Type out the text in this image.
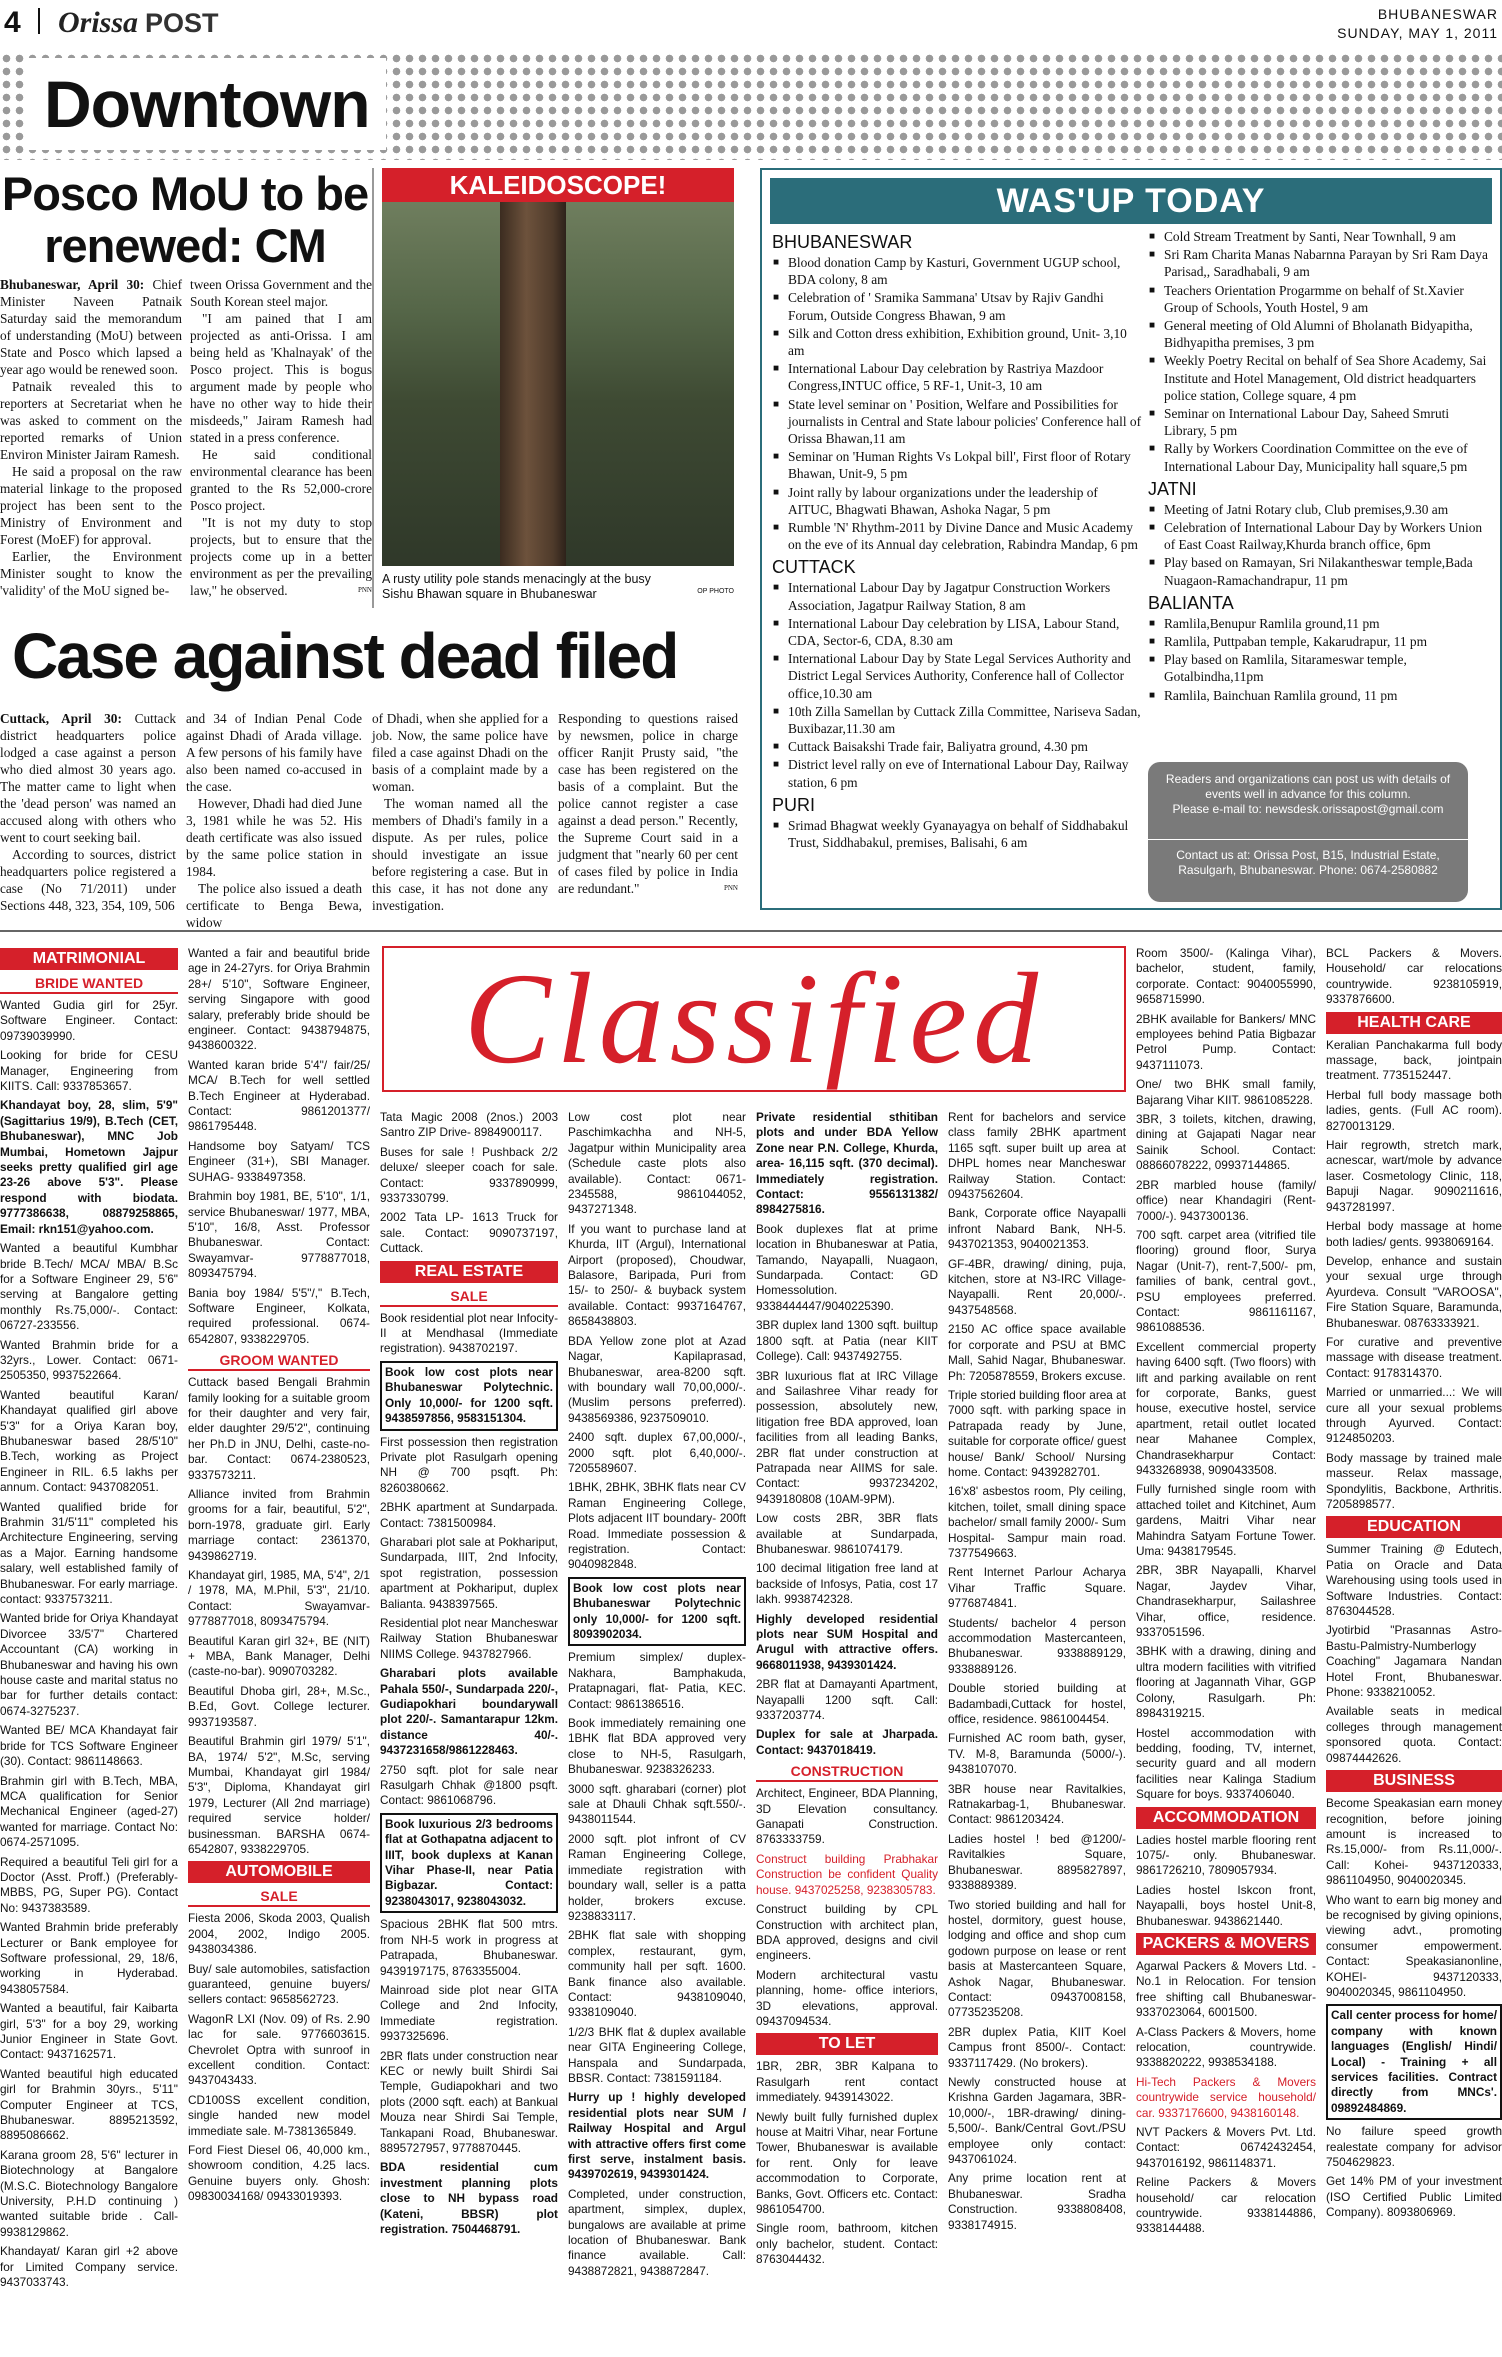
4 Orissa POST	BHUBANESWAR
SUNDAY, MAY 1, 2011
Downtown
Posco MoU to be renewed: CM

Bhubaneswar, April 30: Chief Minister Naveen Patnaik Saturday said the memorandum of understanding (MoU) between State and Posco which lapsed a year ago would be renewed soon.

Patnaik revealed this to reporters at Secretariat when he was asked to comment on the reported remarks of Union Environ Minister Jairam Ramesh.

He said a proposal on the raw material linkage to the proposed project has been sent to the Ministry of Environment and Forest (MoEF) for approval.

Earlier, the Environment Minister sought to know the 'validity' of the MoU signed be-

tween Orissa Government and the South Korean steel major.

"I am pained that I am projected as anti-Orissa. I am being held as 'Khalnayak' of the Posco project. This is bogus argument made by people who have no other way to hide their misdeeds," Jairam Ramesh had stated in a press conference.

He said conditional environmental clearance has been granted to the Rs 52,000-crore Posco project.

"It is not my duty to stop projects, but to ensure that the projects come up in a better environment as per the prevailing law," he observed.	PNN

KALEIDOSCOPE!
A rusty utility pole stands menacingly at the busy Sishu Bhawan square in Bhubaneswar	OP PHOTO
WAS'UP TODAY
BHUBANESWAR
■ Blood donation Camp by Kasturi, Government UGUP school, BDA colony, 8 am
■ Celebration of ' Sramika Sammana' Utsav by Rajiv Gandhi Forum, Outside Congress Bhawan, 9 am
■ Silk and Cotton dress exhibition, Exhibition ground, Unit- 3,10 am
■ International Labour Day celebration by Rastriya Mazdoor Congress,INTUC office, 5 RF-1, Unit-3, 10 am
■ State level seminar on ' Position, Welfare and Possibilities for journalists in Central and State labour policies' Conference hall of Orissa Bhawan,11 am
■ Seminar on 'Human Rights Vs Lokpal bill', First floor of Rotary Bhawan, Unit-9, 5 pm
■ Joint rally by labour organizations under the leadership of AITUC, Bhagwati Bhawan, Ashoka Nagar, 5 pm
■ Rumble 'N' Rhythm-2011 by Divine Dance and Music Academy on the eve of its Annual day celebration, Rabindra Mandap, 6 pm
CUTTACK
■ International Labour Day by Jagatpur Construction Workers Association, Jagatpur Railway Station, 8 am
■ International Labour Day celebration by LISA, Labour Stand, CDA, Sector-6, CDA, 8.30 am
■ International Labour Day by State Legal Services Authority and District Legal Services Authority, Conference hall of Collector office,10.30 am
■ 10th Zilla Samellan by Cuttack Zilla Committee, Nariseva Sadan, Buxibazar,11.30 am
■ Cuttack Baisakshi Trade fair, Baliyatra ground, 4.30 pm
■ District level rally on eve of International Labour Day, Railway station, 6 pm
PURI
■ Srimad Bhagwat weekly Gyanayagya on behalf of Siddhabakul Trust, Siddhabakul, premises, Balisahi, 6 am
■ Cold Stream Treatment by Santi, Near Townhall, 9 am
■ Sri Ram Charita Manas Nabarnna Parayan by Sri Ram Daya Parisad,, Saradhabali, 9 am
■ Teachers Orientation Progarmme on behalf of St.Xavier Group of Schools, Youth Hostel, 9 am
■ General meeting of Old Alumni of Bholanath Bidyapitha, Bidhyapitha premises, 3 pm
■ Weekly Poetry Recital on behalf of Sea Shore Academy, Sai Institute and Hotel Management, Old district headquarters police station, College square, 4 pm
■ Seminar on International Labour Day, Saheed Smruti Library, 5 pm
■ Rally by Workers Coordination Committee on the eve of International Labour Day, Municipality hall square,5 pm
JATNI
■ Meeting of Jatni Rotary club, Club premises,9.30 am
■ Celebration of International Labour Day by Workers Union of East Coast Railway,Khurda branch office, 6pm
■ Play based on Ramayan, Sri Nilakantheswar temple,Bada Nuagaon-Ramachandrapur, 11 pm
BALIANTA
■ Ramlila,Benupur Ramlila ground,11 pm
■ Ramlila, Puttpaban temple, Kakarudrapur, 11 pm
■ Play based on Ramlila, Sitarameswar temple, Gotalbindha,11pm
■ Ramlila, Bainchuan Ramlila ground, 11 pm
Readers and organizations can post us with details of events well in advance for this column.
Please e-mail to: newsdesk.orissapost@gmail.com
Contact us at: Orissa Post, B15, Industrial Estate, Rasulgarh, Bhubaneswar. Phone: 0674-2580882
Case against dead filed

Cuttack, April 30: Cuttack district headquarters police lodged a case against a person who died almost 30 years ago. The matter came to light when the 'dead person' was named an accused along with others who went to court seeking bail.

According to sources, district headquarters police registered a case (No 71/2011) under Sections 448, 323, 354, 109, 506

and 34 of Indian Penal Code against Dhadi of Arada village. A few persons of his family have also been named co-accused in the case.

However, Dhadi had died June 3, 1981 while he was 52. His death certificate was also issued by the same police station in 1984.

The police also issued a death certificate to Benga Bewa, widow

of Dhadi, when she applied for a job. Now, the same police have filed a case against Dhadi on the basis of a complaint made by a woman.

The woman named all the members of Dhadi's family in a dispute. As per rules, police should investigate an issue before registering a case. But in this case, it has not done any investigation.

Responding to questions raised by newsmen, police in charge officer Ranjit Prusty said, "the case has been registered on the basis of a complaint. But the police cannot register a case against a dead person." Recently, the Supreme Court said in a judgment that "nearly 60 per cent of cases filed by police in India are redundant."	PNN

Classified
MATRIMONIAL
BRIDE WANTED

Wanted Gudia girl for 25yr. Software Engineer. Contact: 09739039990.

Looking for bride for CESU Manager, Engineering from KIITS. Call: 9337853657.

Khandayat boy, 28, slim, 5'9" (Sagittarius 19/9), B.Tech (CET, Bhubaneswar), MNC Job Mumbai, Hometown Jajpur seeks pretty qualified girl age 23-26 above 5'3". Please respond with biodata. 9777386638, 08879258865, Email: rkn151@yahoo.com.

Wanted a beautiful Kumbhar bride B.Tech/ MCA/ MBA/ B.Sc for a Software Engineer 29, 5'6" serving at Bangalore getting monthly Rs.75,000/-. Contact: 06727-233556.

Wanted Brahmin bride for a 32yrs., Lower. Contact: 0671-2505350, 9937522664.

Wanted beautiful Karan/ Khandayat qualified girl above 5'3" for a Oriya Karan boy, Bhubaneswar based 28/5'10" B.Tech, working as Project Engineer in RIL. 6.5 lakhs per annum. Contact: 9437082051.

Wanted qualified bride for Brahmin 31/5'11" completed his Architecture Engineering, serving as a Major. Earning handsome salary, well established family of Bhubaneswar. For early marriage. contact: 9337573211.

Wanted bride for Oriya Khandayat Divorcee 33/5'7" Chartered Accountant (CA) working in Bhubaneswar and having his own house caste and marital status no bar for further details contact: 0674-3275237.

Wanted BE/ MCA Khandayat fair bride for TCS Software Engineer (30). Contact: 9861148663.

Brahmin girl with B.Tech, MBA, MCA qualification for Senior Mechanical Engineer (aged-27) wanted for marriage. Contact No: 0674-2571095.

Required a beautiful Teli girl for a Doctor (Asst. Proff.) (Preferably- MBBS, PG, Super PG). Contact No: 9437383589.

Wanted Brahmin bride preferably Lecturer or Bank employee for Software professional, 29, 18/6, working in Hyderabad. 9438057584.

Wanted a beautiful, fair Kaibarta girl, 5'3" for a boy 29, working Junior Engineer in State Govt. Contact: 9437162571.

Wanted beautiful high educated girl for Brahmin 30yrs., 5'11" Computer Engineer at TCS, Bhubaneswar. 8895213592, 8895086662.

Karana groom 28, 5'6" lecturer in Biotechnology at Bangalore (M.S.C. Biotechnology Bangalore University, P.H.D continuing ) wanted suitable bride . Call-9938129862.

Khandayat/ Karan girl +2 above for Limited Company service. 9437033743.

Wanted a fair and beautiful bride age in 24-27yrs. for Oriya Brahmin 28+/ 5'10", Software Engineer, serving Singapore with good salary, preferably bride should be engineer. Contact: 9438794875, 9438600322.

Wanted karan bride 5'4"/ fair/25/ MCA/ B.Tech for well settled B.Tech Engineer at Hyderabad. Contact: 9861201377/ 9861795448.

Handsome boy Satyam/ TCS Engineer (31+), SBI Manager. SUHAG- 9338497358.

Brahmin boy 1981, BE, 5'10", 1/1, service Bhubaneswar/ 1977, MBA, 5'10", 16/8, Asst. Professor Bhubaneswar. Contact: Swayamvar- 9778877018, 8093475794.

Bania boy 1984/ 5'5"/," B.Tech, Software Engineer, Kolkata, required professional. 0674-6542807, 9338229705.

GROOM WANTED

Cuttack based Bengali Brahmin family looking for a suitable groom for their daughter and very fair, elder daughter 29/5'2", continuing her Ph.D in JNU, Delhi, caste-no-bar. Contact: 0674-2380523, 9337573211.

Alliance invited from Brahmin grooms for a fair, beautiful, 5'2", born-1978, graduate girl. Early marriage contact: 2361370, 9439862719.

Khandayat girl, 1985, MA, 5'4", 2/1 / 1978, MA, M.Phil, 5'3", 21/10. Contact: Swayamvar- 9778877018, 8093475794.

Beautiful Karan girl 32+, BE (NIT) + MBA, Bank Manager, Delhi (caste-no-bar). 9090703282.

Beautiful Dhoba girl, 28+, M.Sc., B.Ed, Govt. College lecturer. 9937193587.

Beautiful Brahmin girl 1979/ 5'1", BA, 1974/ 5'2", M.Sc, serving Mumbai, Khandayat girl 1984/ 5'3", Diploma, Khandayat girl 1979, Lecturer (All 2nd marriage) required service holder/ businessman. BARSHA 0674-6542807, 9338229705.

AUTOMOBILE
SALE

Fiesta 2006, Skoda 2003, Qualish 2004, 2002, Indigo 2005. 9438034386.

Buy/ sale automobiles, satisfaction guaranteed, genuine buyers/ sellers contact: 9658562723.

WagonR LXI (Nov. 09) of Rs. 2.90 lac for sale. 9776603615. Chevrolet Optra with sunroof in excellent condition. Contact: 9437043433.

CD100SS excellent condition, single handed new model immediate sale. M-7381365849.

Ford Fiest Diesel 06, 40,000 km., showroom condition, 4.25 lacs. Genuine buyers only. Ghosh: 09830034168/ 09433019393.

Tata Magic 2008 (2nos.) 2003 Santro ZIP Drive- 8984900117.

Buses for sale ! Pushback 2/2 deluxe/ sleeper coach for sale. Contact: 9337890999, 9337330799.

2002 Tata LP- 1613 Truck for sale. Contact: 9090737197, Cuttack.

REAL ESTATE
SALE

Book residential plot near Infocity-II at Mendhasal (Immediate registration). 9438702197.

Book low cost plots near Bhubaneswar Polytechnic. Only 10,000/- for 1200 sqft. 9438597856, 9583151304.

First possession then registration Private plot Rasulgarh opening NH @ 700 psqft. Ph: 8260380662.

2BHK apartment at Sundarpada. Contact: 7381500984.

Gharabari plot sale at Pokhariput, Sundarpada, IIIT, 2nd Infocity, spot registration, possession apartment at Pokhariput, duplex Balianta. 9438397565.

Residential plot near Mancheswar Railway Station Bhubaneswar NIIMS College. 9437827966.

Gharabari plots available Pahala 550/-, Sundarpada 220/-, Gudiapokhari boundarywall plot 220/-. Samantarapur 12km. distance 40/-. 9437231658/9861228463.

2750 sqft. plot for sale near Rasulgarh Chhak @1800 psqft. Contact: 9861068796.

Book luxurious 2/3 bedrooms flat at Gothapatna adjacent to IIIT, book duplexs at Kanan Vihar Phase-II, near Patia Bigbazar. Contact: 9238043017, 9238043032.

Spacious 2BHK flat 500 mtrs. from NH-5 work in progress at Patrapada, Bhubaneswar. 9439197175, 8763355004.

Mainroad side plot near GITA College and 2nd Infocity, Immediate registration. 9937325696.

2BR flats under construction near KEC or newly built Shirdi Sai Temple, Gudiapokhari and two plots (2000 sqft. each) at Bankual Mouza near Shirdi Sai Temple, Tankapani Road, Bhubaneswar. 8895727957, 9778870445.

BDA residential cum investment planning plots close to NH bypass road (Kateni, BBSR) plot registration. 7504468791.

Low cost plot near Paschimkachha and NH-5, Jagatpur within Municipality area (Schedule caste plots also available). Contact: 0671-2345588, 9861044052, 9437271348.

If you want to purchase land at Khurda, IIT (Argul), International Airport (proposed), Choudwar, Balasore, Baripada, Puri from 15/- to 250/- & buyback system available. Contact: 9937164767, 8658438803.

BDA Yellow zone plot at Azad Nagar, Kapilaprasad, Bhubaneswar, area-8200 sqft. with boundary wall 70,00,000/-. (Muslim persons preferred). 9438569386, 9237509010.

2400 sqft. duplex 67,00,000/-, 2000 sqft. plot 6,40,000/-. 7205589607.

1BHK, 2BHK, 3BHK flats near CV Raman Engineering College, Plots adjacent IIT boundary- 200ft Road. Immediate possession & registration. Contact: 9040982848.

Book low cost plots near Bhubaneswar Polytechnic only 10,000/- for 1200 sqft. 8093902034.

Premium simplex/ duplex- Nakhara, Bamphakuda, Pratapnagari, flat- Patia, KEC. Contact: 9861386516.

Book immediately remaining one 1BHK flat BDA approved very close to NH-5, Rasulgarh, Bhubaneswar. 9238326233.

3000 sqft. gharabari (corner) plot sale at Dhauli Chhak sqft.550/-. 9438011544.

2000 sqft. plot infront of CV Raman Engineering College, immediate registration with boundary wall, seller is a patta holder, brokers excuse. 9238833117.

2BHK flat sale with shopping complex, restaurant, gym, community hall per sqft. 1600. Bank finance also available. Contact: 9438109040, 9338109040.

1/2/3 BHK flat & duplex available near GITA Engineering College, Hanspala and Sundarpada, BBSR. Contact: 7381591184.

Hurry up ! highly developed residential plots near SUM / Railway Hospital and Argul with attractive offers first come first serve, instalment basis. 9439702619, 9439301424.

Completed, under construction, apartment, simplex, duplex, bungalows are available at prime location of Bhubaneswar. Bank finance available. Call: 9438872821, 9438872847.

Private residential sthitiban plots and under BDA Yellow Zone near P.N. College, Khurda, area- 16,115 sqft. (370 decimal). Immediately registration. Contact: 9556131382/ 8984275816.

Book duplexes flat at prime location in Bhubaneswar at Patia, Tamando, Nayapalli, Nuagaon, Sundarpada. Contact: GD Homessolution. 9338444447/9040225390.

3BR duplex land 1300 sqft. builtup 1800 sqft. at Patia (near KIIT College). Call: 9437492755.

3BR luxurious flat at IRC Village and Sailashree Vihar ready for possession, absolutely new, litigation free BDA approved, loan facilities from all leading Banks, 2BR flat under construction at Patrapada near AIIMS for sale. Contact: 9937234202, 9439180808 (10AM-9PM).

Low costs 2BR, 3BR flats available at Sundarpada, Bhubaneswar. 9861074179.

100 decimal litigation free land at backside of Infosys, Patia, cost 17 lakh. 9938742328.

Highly developed residential plots near SUM Hospital and Arugul with attractive offers. 9668011938, 9439301424.

2BR flat at Damayanti Apartment, Nayapalli 1200 sqft. Call: 9337203774.

Duplex for sale at Jharpada. Contact: 9437018419.

CONSTRUCTION

Architect, Engineer, BDA Planning, 3D Elevation consultancy. Ganapati Construction. 8763333759.

Construct building Prabhakar Construction be confident Quality house. 9437025258, 9238305783.

Construct building by CPL Construction with architect plan, BDA approved, designs and civil engineers.

Modern architectural vastu planning, home- office interiors, 3D elevations, approval. 09437094534.

TO LET

1BR, 2BR, 3BR Kalpana to Rasulgarh rent contact immediately. 9439143022.

Newly built fully furnished duplex house at Maitri Vihar, near Fortune Tower, Bhubaneswar is available for rent. Only for leave accommodation to Corporate, Banks, Govt. Officers etc. Contact: 9861054700.

Single room, bathroom, kitchen only bachelor, student. Contact: 8763044432.

Rent for bachelors and service class family 2BHK apartment 1165 sqft. super built up area at DHPL homes near Mancheswar Railway Station. Contact: 09437562604.

Bank, Corporate office Nayapalli infront Nabard Bank, NH-5. 9437021353, 9040021353.

GF-4BR, drawing/ dining, puja, kitchen, store at N3-IRC Village- Nayapalli. Rent 20,000/-. 9437548568.

2150 AC office space available for corporate and PSU at BMC Mall, Sahid Nagar, Bhubaneswar. Ph: 7205878559, Brokers excuse.

Triple storied building floor area at 7000 sqft. with parking space in Patrapada ready by June, suitable for corporate office/ guest house/ Bank/ School/ Nursing home. Contact: 9439282701.

16'x8' asbestos room, Ply ceiling, kitchen, toilet, small dining space bachelor/ small family 2000/- Sum Hospital- Sampur main road. 7377549663.

Rent Internet Parlour Acharya Vihar Traffic Square. 9776874841.

Students/ bachelor 4 person accommodation Mastercanteen, Bhubaneswar. 9338889129, 9338889126.

Double storied building at Badambadi,Cuttack for hostel, office, residence. 9861004454.

Furnished AC room bath, gyser, TV. M-8, Baramunda (5000/-). 9438107070.

3BR house near Ravitalkies, Ratnakarbag-1, Bhubaneswar. Contact: 9861203424.

Ladies hostel ! bed @1200/- Ravitalkies Square, Bhubaneswar. 8895827897, 9338889389.

Two storied building and hall for hostel, dormitory, guest house, lodging and office and shop cum godown purpose on lease or rent basis at Mastercanteen Square, Ashok Nagar, Bhubaneswar. Contact: 09437008158, 07735235208.

2BR duplex Patia, KIIT Koel Campus front 8500/-. Contact: 9337117429. (No brokers).

Newly constructed house at Krishna Garden Jagamara, 3BR-10,000/-, 1BR-drawing/ dining-5,500/-. Bank/Central Govt./PSU employee only contact: 9437061024.

Any prime location rent at Bhubaneswar. Sradha Construction. 9338808408, 9338174915.

Room 3500/- (Kalinga Vihar), bachelor, student, family, corporate. Contact: 9040055990, 9658715990.

2BHK available for Bankers/ MNC employees behind Patia Bigbazar Petrol Pump. Contact: 9437111073.

One/ two BHK small family, Bajarang Vihar KIIT. 9861085228.

3BR, 3 toilets, kitchen, drawing, dining at Gajapati Nagar near Sainik School. Contact: 08866078222, 09937144865.

2BR marbled house (family/ office) near Khandagiri (Rent-7000/-). 9437300136.

700 sqft. carpet area (vitrified tile flooring) ground floor, Surya Nagar (Unit-7), rent-7,500/- pm, families of bank, central govt., PSU employees preferred. Contact: 9861161167, 9861088536.

Excellent commercial property having 6400 sqft. (Two floors) with lift and parking available on rent for corporate, Banks, guest house, executive hostel, service apartment, retail outlet located near Mahanee Complex, Chandrasekharpur Contact: 9433268938, 9090433508.

Fully furnished single room with attached toilet and Kitchinet, Aum gardens, Maitri Vihar near Mahindra Satyam Fortune Tower. Uma: 9438179545.

2BR, 3BR Nayapalli, Kharvel Nagar, Jaydev Vihar, Chandrasekharpur, Sailashree Vihar, office, residence. 9337051596.

3BHK with a drawing, dining and ultra modern facilities with vitrified flooring at Jagannath Vihar, GGP Colony, Rasulgarh. Ph: 8984319215.

Hostel accommodation with bedding, fooding, TV, internet, security guard and all modern facilities near Kalinga Stadium Square for boys. 9337406040.

ACCOMMODATION

Ladies hostel marble flooring rent 1075/- only. Bhubaneswar. 9861726210, 7809057934.

Ladies hostel Iskcon front, Nayapalli, boys hostel Unit-8, Bhubaneswar. 9438621440.

PACKERS & MOVERS

Agarwal Packers & Movers Ltd. - No.1 in Relocation. For tension free shifting call Bhubaneswar- 9337023064, 6001500.

A-Class Packers & Movers, home relocation, countrywide. 9338820222, 9938534188.

Hi-Tech Packers & Movers countrywide service household/ car. 9337176600, 9438160148.

NVT Packers & Movers Pvt. Ltd. Contact: 06742432454, 9437016192, 9861148371.

Reline Packers & Movers household/ car relocation countrywide. 9338144886, 9338144488.

BCL Packers & Movers. Household/ car relocations countrywide. 9238105919, 9337876600.

HEALTH CARE

Keralian Panchakarma full body massage, back, jointpain treatment. 7735152447.

Herbal full body massage both ladies, gents. (Full AC room). 8270013129.

Hair regrowth, stretch mark, acnescar, wart/mole by advance laser. Cosmetology Clinic, 118, Bapuji Nagar. 9090211616, 9437281997.

Herbal body massage at home both ladies/ gents. 9938069164.

Develop, enhance and sustain your sexual urge through Ayurdeva. Consult "VAROOSA", Fire Station Square, Baramunda, Bhubaneswar. 08763333921.

For curative and preventive massage with disease treatment. Contact: 9178314370.

Married or unmarried...: We will cure all your sexual problems through Ayurved. Contact: 9124850203.

Body massage by trained male masseur. Relax massage, Spondylitis, Backbone, Arthritis. 7205898577.

EDUCATION

Summer Training @ Edutech, Patia on Oracle and Data Warehousing using tools used in Software Industries. Contact: 8763044528.

Jyotirbid "Prasannas Astro- Bastu-Palmistry-Numberlogy Coaching" Jagamara Nandan Hotel Front, Bhubaneswar. Phone: 9338210052.

Available seats in medical colleges through management sponsored quota. Contact: 09874442626.

BUSINESS

Become Speakasian earn money recognition, before joining amount is increased to Rs.15,000/- from Rs.11,000/-. Call: Kohei- 9437120333, 9861104950, 9040020345.

Who want to earn big money and be recognised by giving opinions, viewing advt., promoting consumer empowerment. Contact: Speakasianonline, KOHEI- 9437120333, 9040020345, 9861104950.

Call center process for home/ company with known languages (English/ Hindi/ Local) - Training + all services facilities. Contract directly from MNCs'. 09892484869.

No failure speed growth realestate company for advisor 7504629823.

Get 14% PM of your investment (ISO Certified Public Limited Company). 8093806969.
